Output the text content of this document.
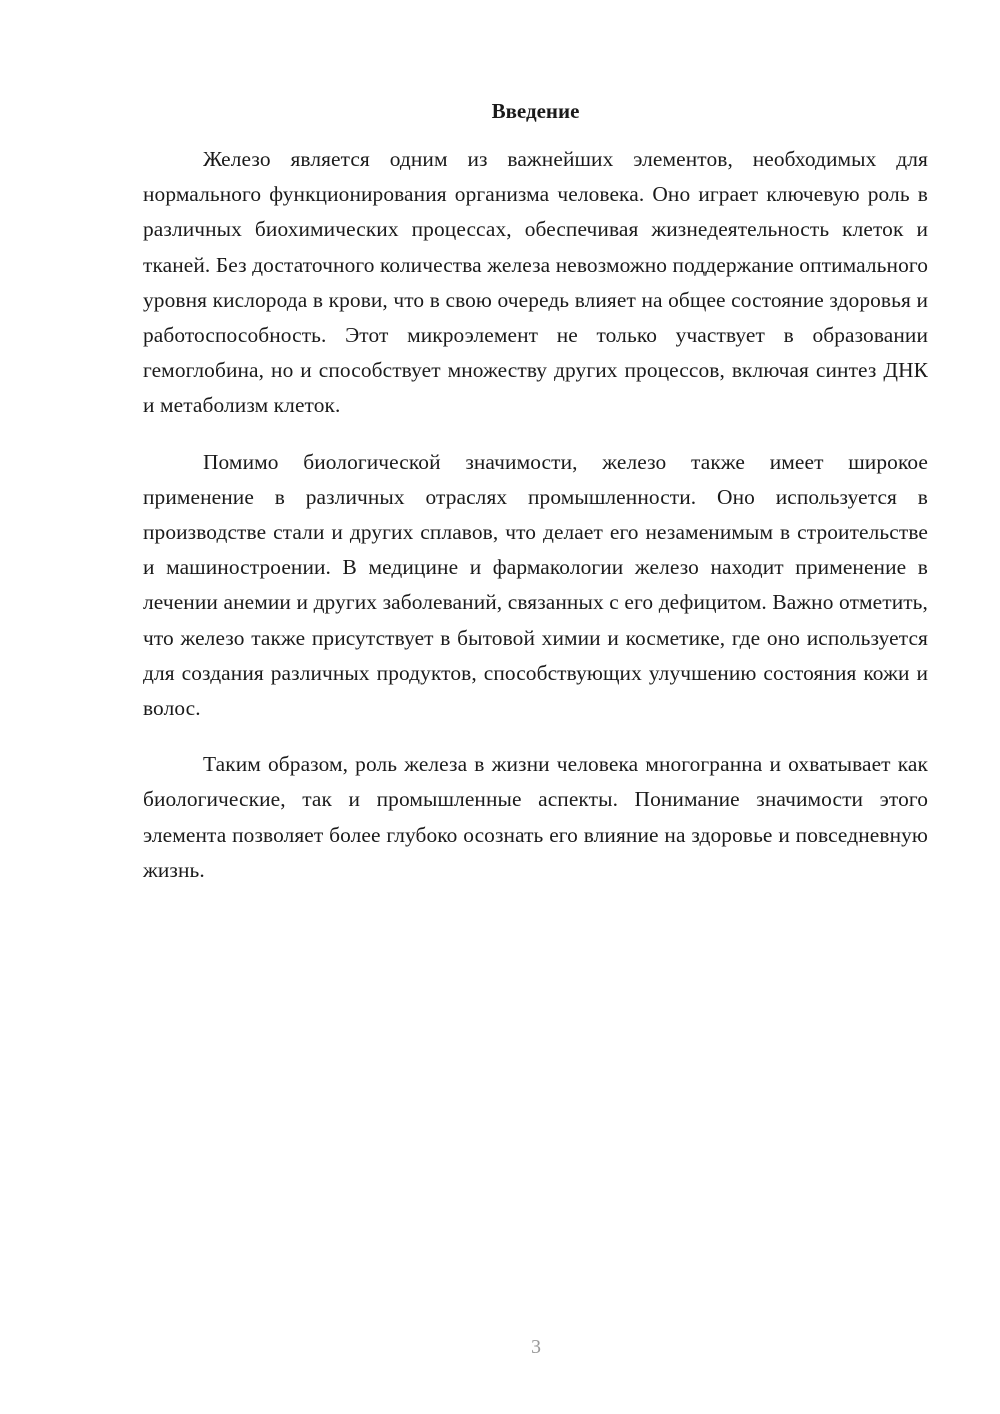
Введение

Железо является одним из важнейших элементов, необходимых для нормального функционирования организма человека. Оно играет ключевую роль в различных биохимических процессах, обеспечивая жизнедеятельность клеток и тканей. Без достаточного количества железа невозможно поддержание оптимального уровня кислорода в крови, что в свою очередь влияет на общее состояние здоровья и работоспособность. Этот микроэлемент не только участвует в образовании гемоглобина, но и способствует множеству других процессов, включая синтез ДНК и метаболизм клеток.

Помимо биологической значимости, железо также имеет широкое применение в различных отраслях промышленности. Оно используется в производстве стали и других сплавов, что делает его незаменимым в строительстве и машиностроении. В медицине и фармакологии железо находит применение в лечении анемии и других заболеваний, связанных с его дефицитом. Важно отметить, что железо также присутствует в бытовой химии и косметике, где оно используется для создания различных продуктов, способствующих улучшению состояния кожи и волос.

Таким образом, роль железа в жизни человека многогранна и охватывает как биологические, так и промышленные аспекты. Понимание значимости этого элемента позволяет более глубоко осознать его влияние на здоровье и повседневную жизнь.

3
